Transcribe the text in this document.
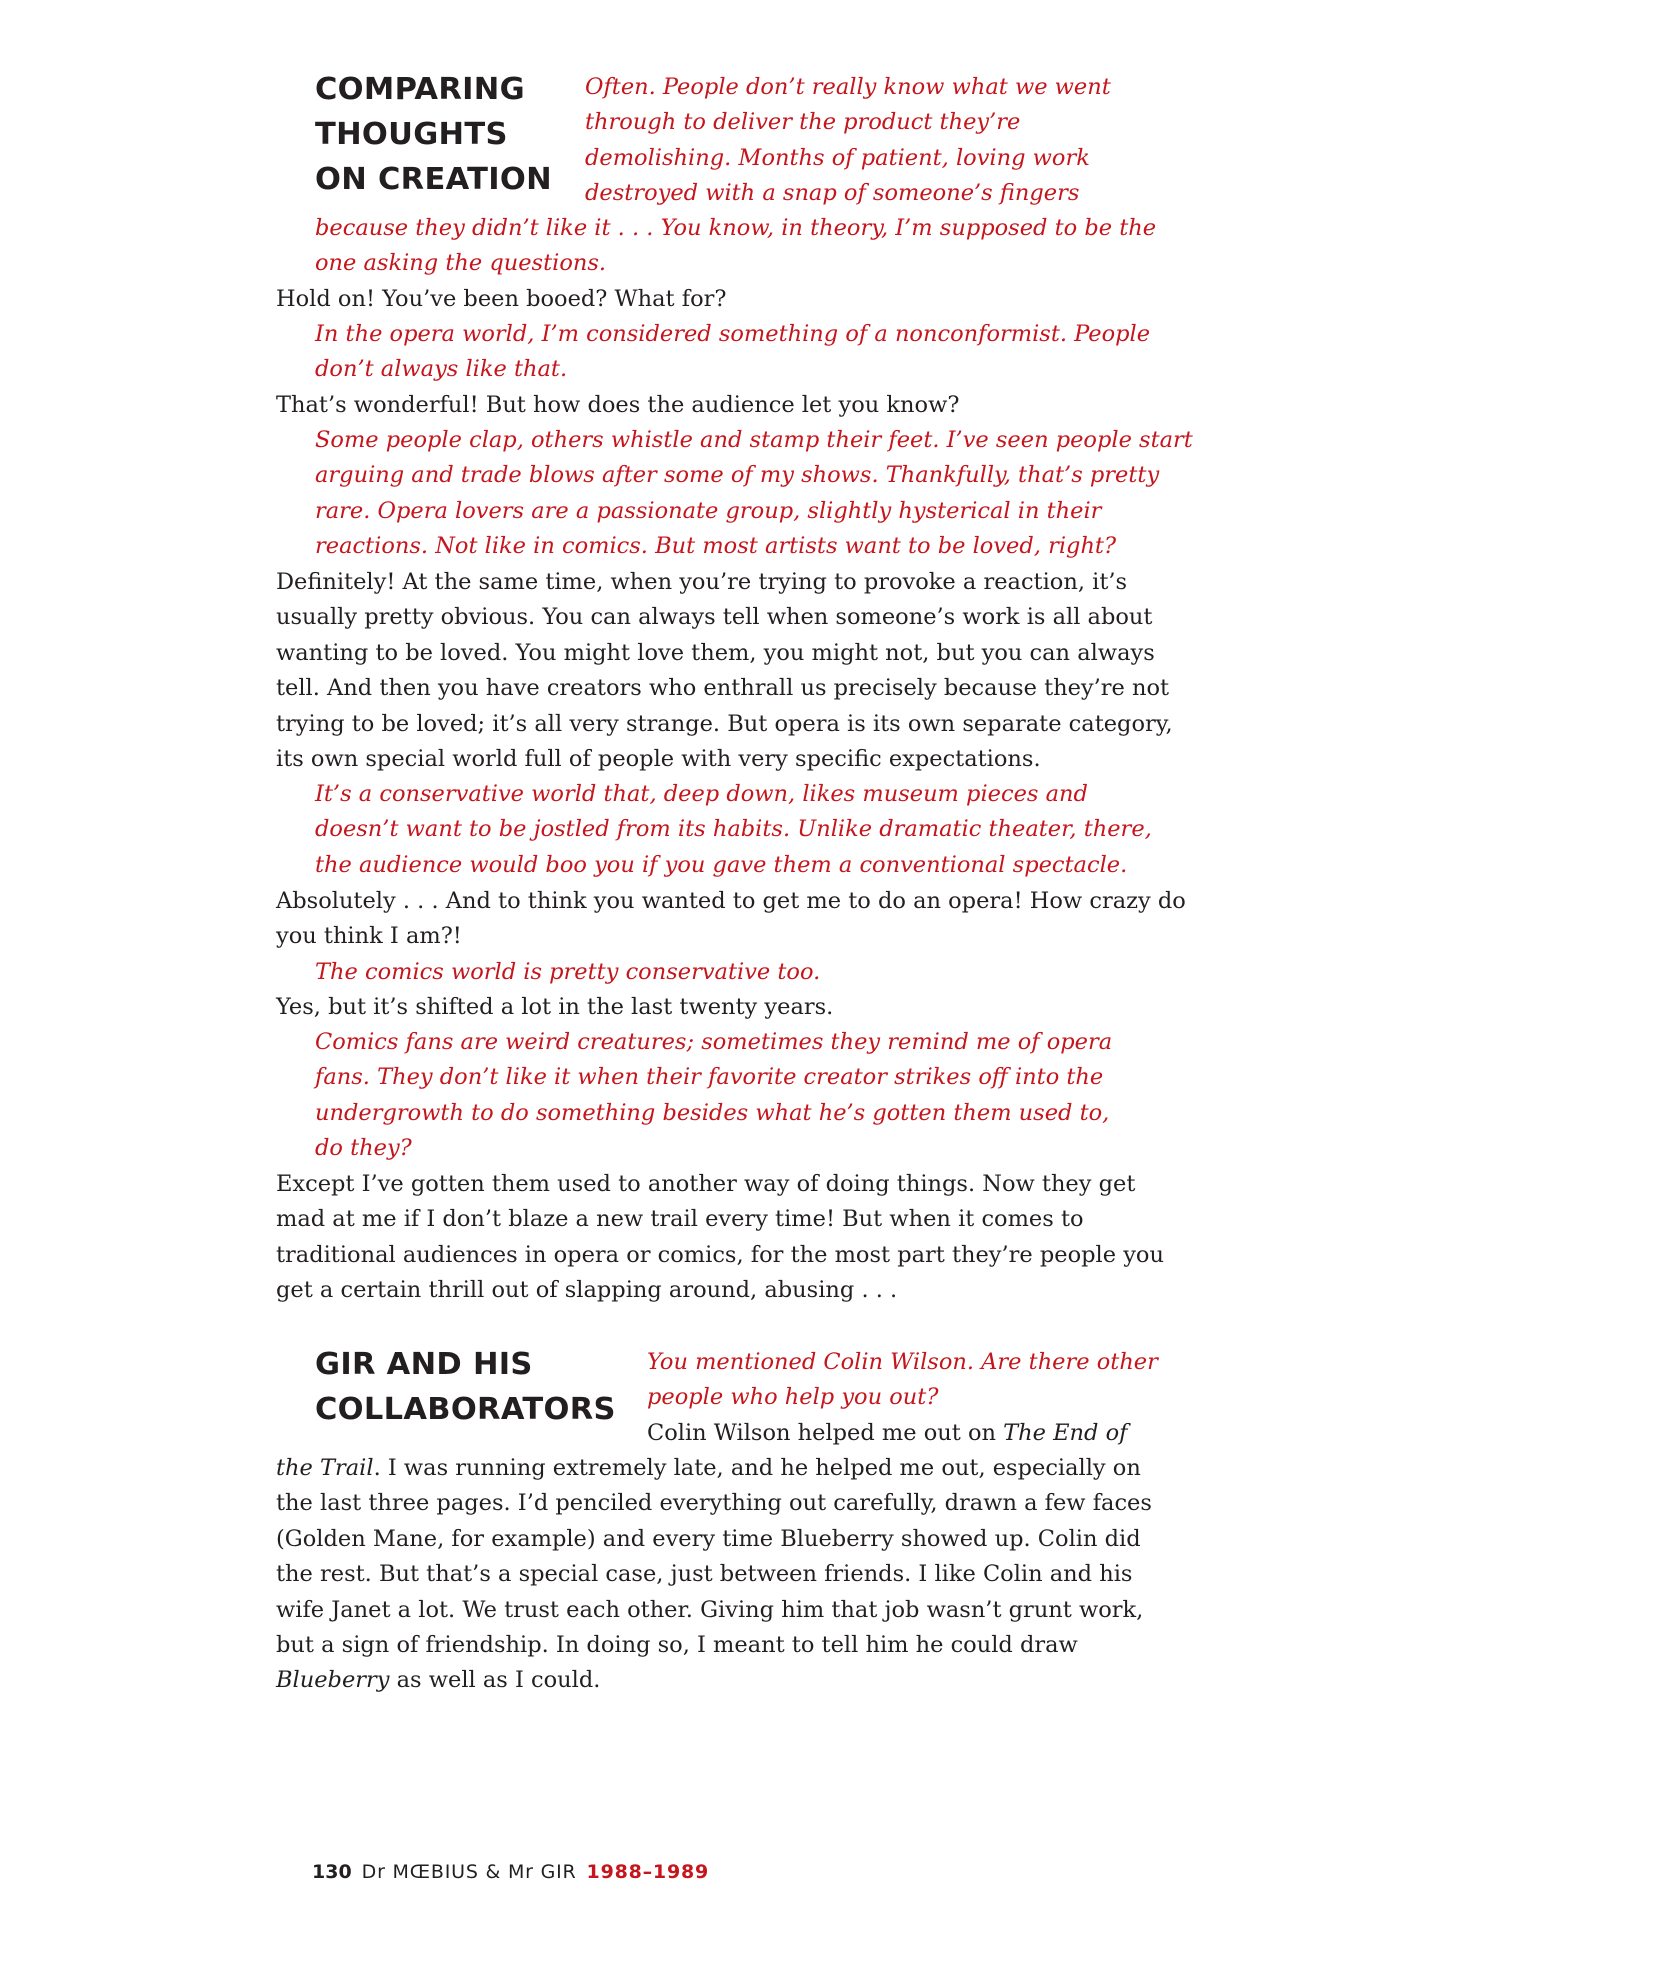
COMPARING
THOUGHTS
ON CREATION

Often. People don’t really know what we went
through to deliver the product they’re
demolishing. Months of patient, loving work
destroyed with a snap of someone’s fingers

because they didn’t like it . . . You know, in theory, I’m supposed to be the
one asking the questions.

Hold on! You’ve been booed? What for?

In the opera world, I’m considered something of a nonconformist. People
don’t always like that.

That’s wonderful! But how does the audience let you know?

Some people clap, others whistle and stamp their feet. I’ve seen people start
arguing and trade blows after some of my shows. Thankfully, that’s pretty
rare. Opera lovers are a passionate group, slightly hysterical in their
reactions. Not like in comics. But most artists want to be loved, right?

Definitely! At the same time, when you’re trying to provoke a reaction, it’s
usually pretty obvious. You can always tell when someone’s work is all about
wanting to be loved. You might love them, you might not, but you can always
tell. And then you have creators who enthrall us precisely because they’re not
trying to be loved; it’s all very strange. But opera is its own separate category,
its own special world full of people with very specific expectations.

It’s a conservative world that, deep down, likes museum pieces and
doesn’t want to be jostled from its habits. Unlike dramatic theater, there,
the audience would boo you if you gave them a conventional spectacle.

Absolutely . . . And to think you wanted to get me to do an opera! How crazy do
you think I am?!

The comics world is pretty conservative too.

Yes, but it’s shifted a lot in the last twenty years.

Comics fans are weird creatures; sometimes they remind me of opera
fans. They don’t like it when their favorite creator strikes off into the
undergrowth to do something besides what he’s gotten them used to,
do they?

Except I’ve gotten them used to another way of doing things. Now they get
mad at me if I don’t blaze a new trail every time! But when it comes to
traditional audiences in opera or comics, for the most part they’re people you
get a certain thrill out of slapping around, abusing . . .

GIR AND HIS
COLLABORATORS

You mentioned Colin Wilson. Are there other
people who help you out?

Colin Wilson helped me out on The End of

the Trail. I was running extremely late, and he helped me out, especially on
the last three pages. I’d penciled everything out carefully, drawn a few faces
(Golden Mane, for example) and every time Blueberry showed up. Colin did
the rest. But that’s a special case, just between friends. I like Colin and his
wife Janet a lot. We trust each other. Giving him that job wasn’t grunt work,
but a sign of friendship. In doing so, I meant to tell him he could draw
Blueberry as well as I could.

130 Dr MŒBIUS & Mr GIR 1988–1989
